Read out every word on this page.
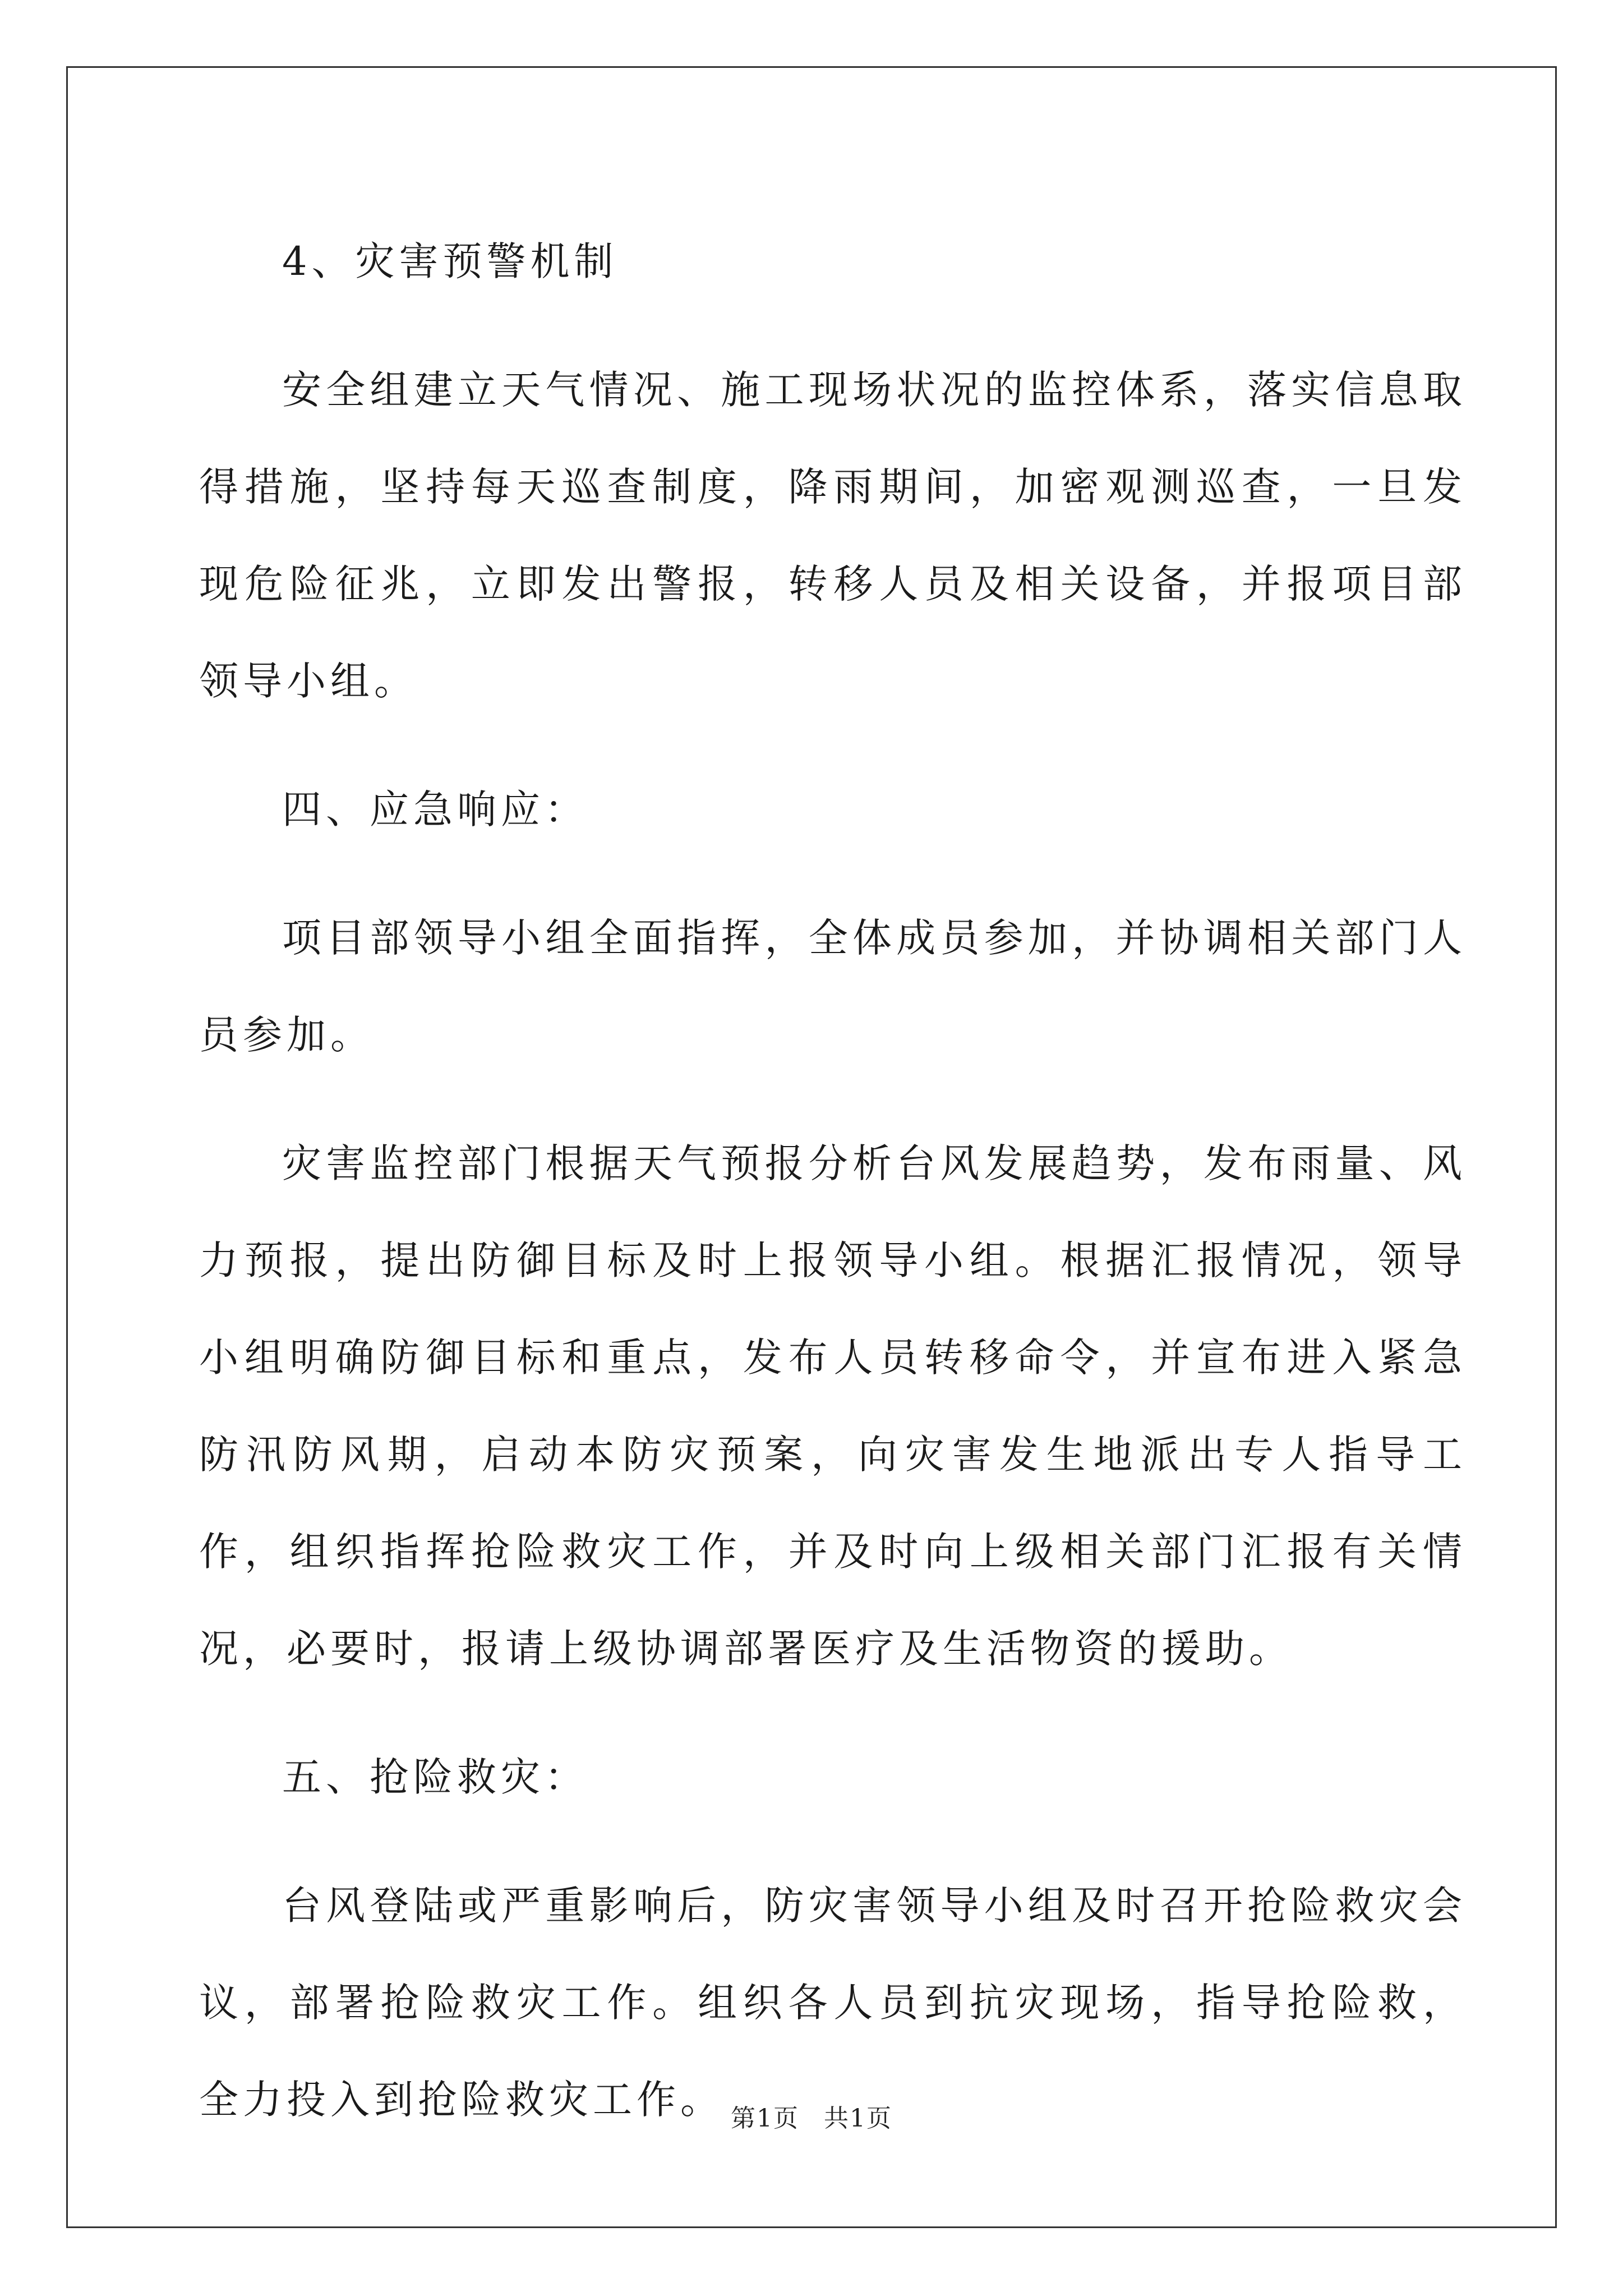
4、灾害预警机制

安全组建立天气情况、施工现场状况的监控体系，落实信息取得措施，坚持每天巡查制度，降雨期间，加密观测巡查，一旦发现危险征兆，立即发出警报，转移人员及相关设备，并报项目部领导小组。

四、应急响应：

项目部领导小组全面指挥，全体成员参加，并协调相关部门人员参加。

灾害监控部门根据天气预报分析台风发展趋势，发布雨量、风力预报，提出防御目标及时上报领导小组。根据汇报情况，领导小组明确防御目标和重点，发布人员转移命令，并宣布进入紧急防汛防风期，启动本防灾预案，向灾害发生地派出专人指导工作，组织指挥抢险救灾工作，并及时向上级相关部门汇报有关情况，必要时，报请上级协调部署医疗及生活物资的援助。

五、抢险救灾：

台风登陆或严重影响后，防灾害领导小组及时召开抢险救灾会议，部署抢险救灾工作。组织各人员到抗灾现场，指导抢险救，全力投入到抢险救灾工作。 第1页 共1页
